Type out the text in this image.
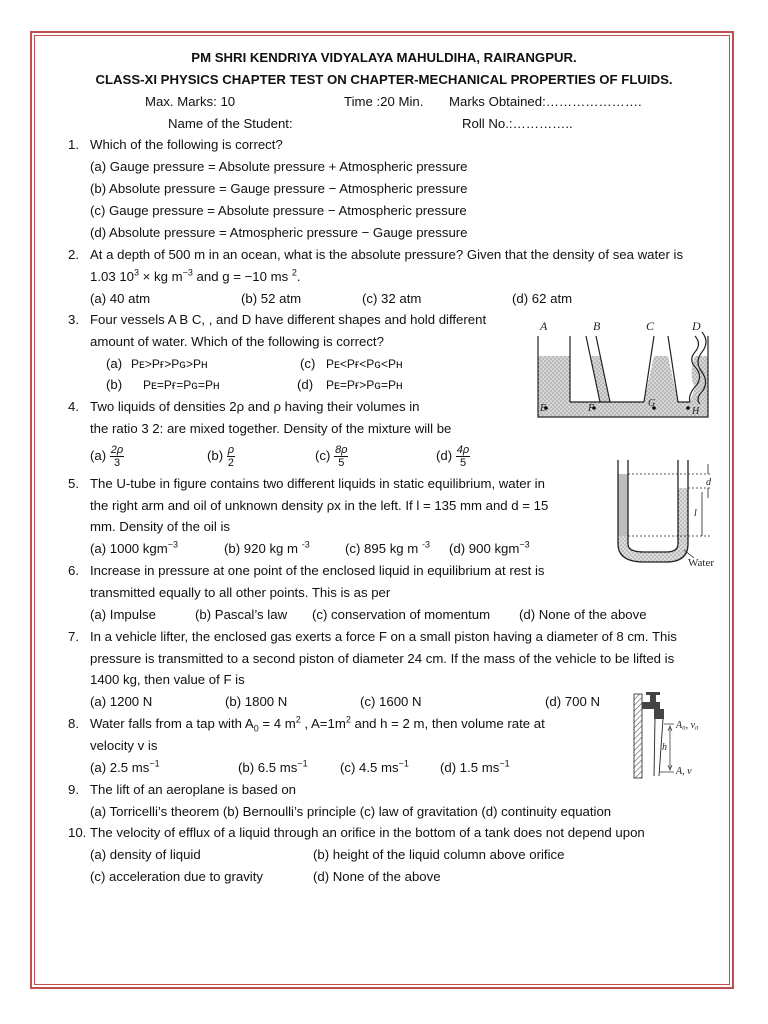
PM SHRI KENDRIYA VIDYALAYA MAHULDIHA, RAIRANGPUR.
CLASS-XI PHYSICS CHAPTER TEST ON CHAPTER-MECHANICAL PROPERTIES OF FLUIDS.
Max. Marks: 10	Time :20 Min. Marks Obtained:………………….
Name of the Student:	Roll No.:…………..
1. Which of the following is correct?
(a) Gauge pressure = Absolute pressure + Atmospheric pressure
(b) Absolute pressure = Gauge pressure − Atmospheric pressure
(c) Gauge pressure = Absolute pressure − Atmospheric pressure
(d) Absolute pressure = Atmospheric pressure − Gauge pressure
2. At a depth of 500 m in an ocean, what is the absolute pressure? Given that the density of sea water is
1.03 $10^3$ × kg $m^{-3}$ and g = −10 ms $^2$.
(a) 40 atm	(b) 52 atm	(c) 32 atm	(d) 62 atm
3. Four vessels A B C, , and D have different shapes and hold different
amount of water. Which of the following is correct?
(a) Pᴇ>Pғ>Pɢ>Pʜ	(c) Pᴇ<Pғ<Pɢ<Pʜ
(b) Pᴇ=Pғ=Pɢ=Pʜ	(d) Pᴇ=Pғ>Pɢ=Pʜ
A	B	C	D
E	F	G
H
4. Two liquids of densities 2ρ and ρ having their volumes in
the ratio 3 2: are mixed together. Density of the mixture will be
$(a) \frac{2\rho}{3}$	$(b) \frac{\rho}{2}$	$(c) \frac{8\rho}{5}$	$(d) \frac{4\rho}{5}$
5. The U-tube in figure contains two different liquids in static equilibrium, water in
the right arm and oil of unknown density ρx in the left. If l = 135 mm and d = 15
mm. Density of the oil is
(a) 1000 kgm$^{-3}$	(b) 920 kg m $^{-3}$	(c) 895 kg m $^{-3}$ (d) 900 kgm$^{-3}$
d
l
Water
6. Increase in pressure at one point of the enclosed liquid in equilibrium at rest is
transmitted equally to all other points. This is as per
(a) Impulse	(b) Pascal’s law (c) conservation of momentum (d) None of the above
7. In a vehicle lifter, the enclosed gas exerts a force F on a small piston having a diameter of 8 cm. This
pressure is transmitted to a second piston of diameter 24 cm. If the mass of the vehicle to be lifted is
1400 kg, then value of F is
(a) 1200 N	(b) 1800 N	(c) 1600 N	(d) 700 N
8. Water falls from a tap with $A_0 = 4$ $m^2$ , $A=1m^2$ and h = 2 m, then volume rate at
velocity v is
(a) 2.5 $ms^{-1}$	(b) 6.5 $ms^{-1}$ (c) 4.5 $ms^{-1}$ (d) 1.5 $ms^{-1}$
A₀, v₀
h
A, v
9. The lift of an aeroplane is based on
(a) Torricelli’s theorem (b) Bernoulli’s principle (c) law of gravitation (d) continuity equation
10. The velocity of efflux of a liquid through an orifice in the bottom of a tank does not depend upon
(a) density of liquid	(b) height of the liquid column above orifice
(c) acceleration due to gravity	(d) None of the above
